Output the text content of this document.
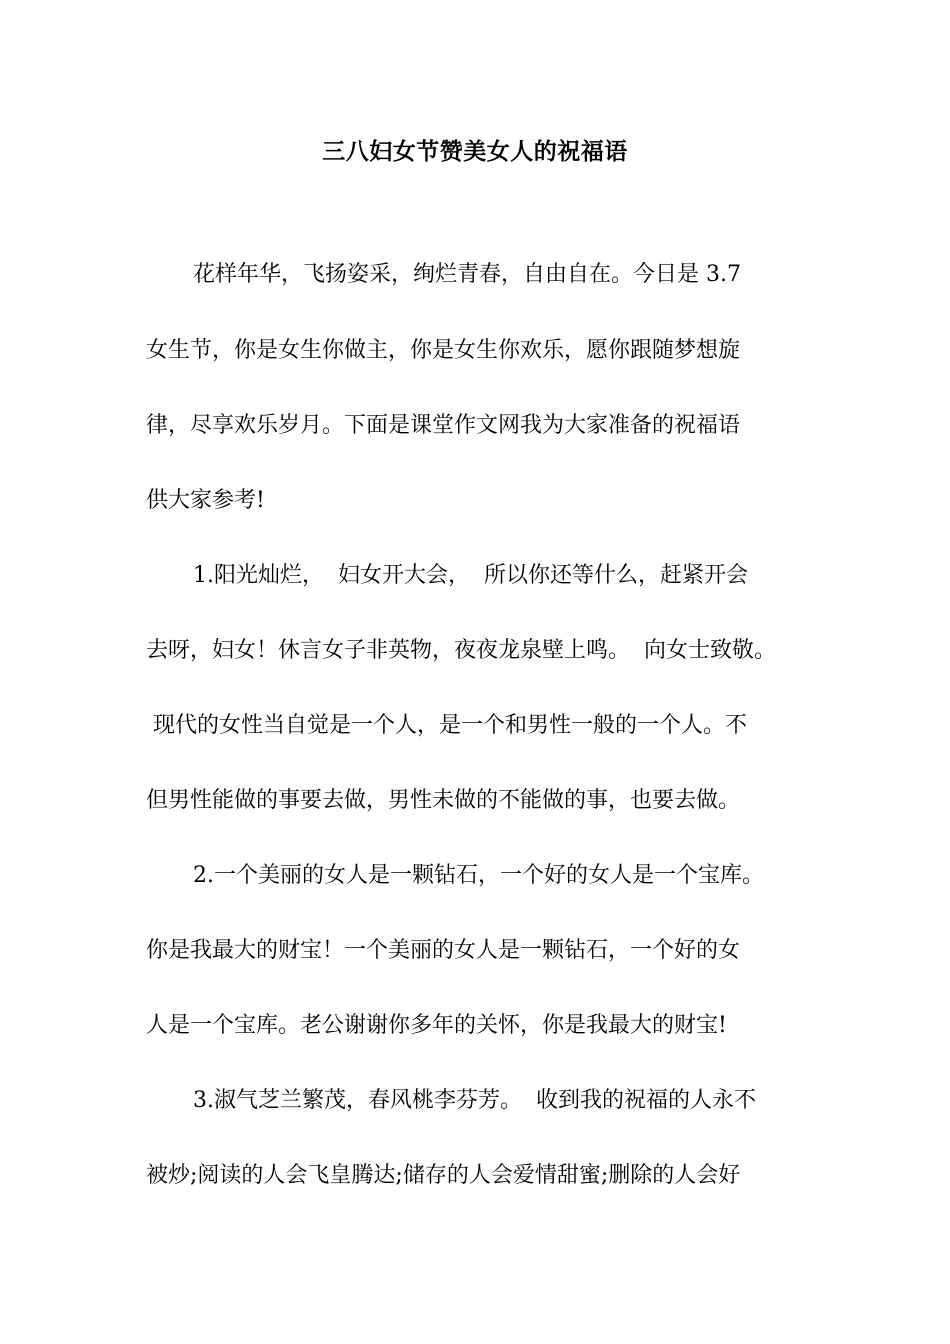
三八妇女节赞美女人的祝福语

花样年华，飞扬姿采，绚烂青春，自由自在。今日是 3.7

女生节，你是女生你做主，你是女生你欢乐，愿你跟随梦想旋

律，尽享欢乐岁月。下面是课堂作文网我为大家准备的祝福语

供大家参考!

1.阳光灿烂，  妇女开大会，  所以你还等什么，赶紧开会

去呀，妇女！休言女子非英物，夜夜龙泉壁上鸣。  向女士致敬。

现代的女性当自觉是一个人，是一个和男性一般的一个人。不

但男性能做的事要去做，男性未做的不能做的事，也要去做。

2.一个美丽的女人是一颗钻石，一个好的女人是一个宝库。

你是我最大的财宝！一个美丽的女人是一颗钻石，一个好的女

人是一个宝库。老公谢谢你多年的关怀，你是我最大的财宝!

3.淑气芝兰繁茂，春风桃李芬芳。  收到我的祝福的人永不

被炒;阅读的人会飞皇腾达;储存的人会爱情甜蜜;删除的人会好
